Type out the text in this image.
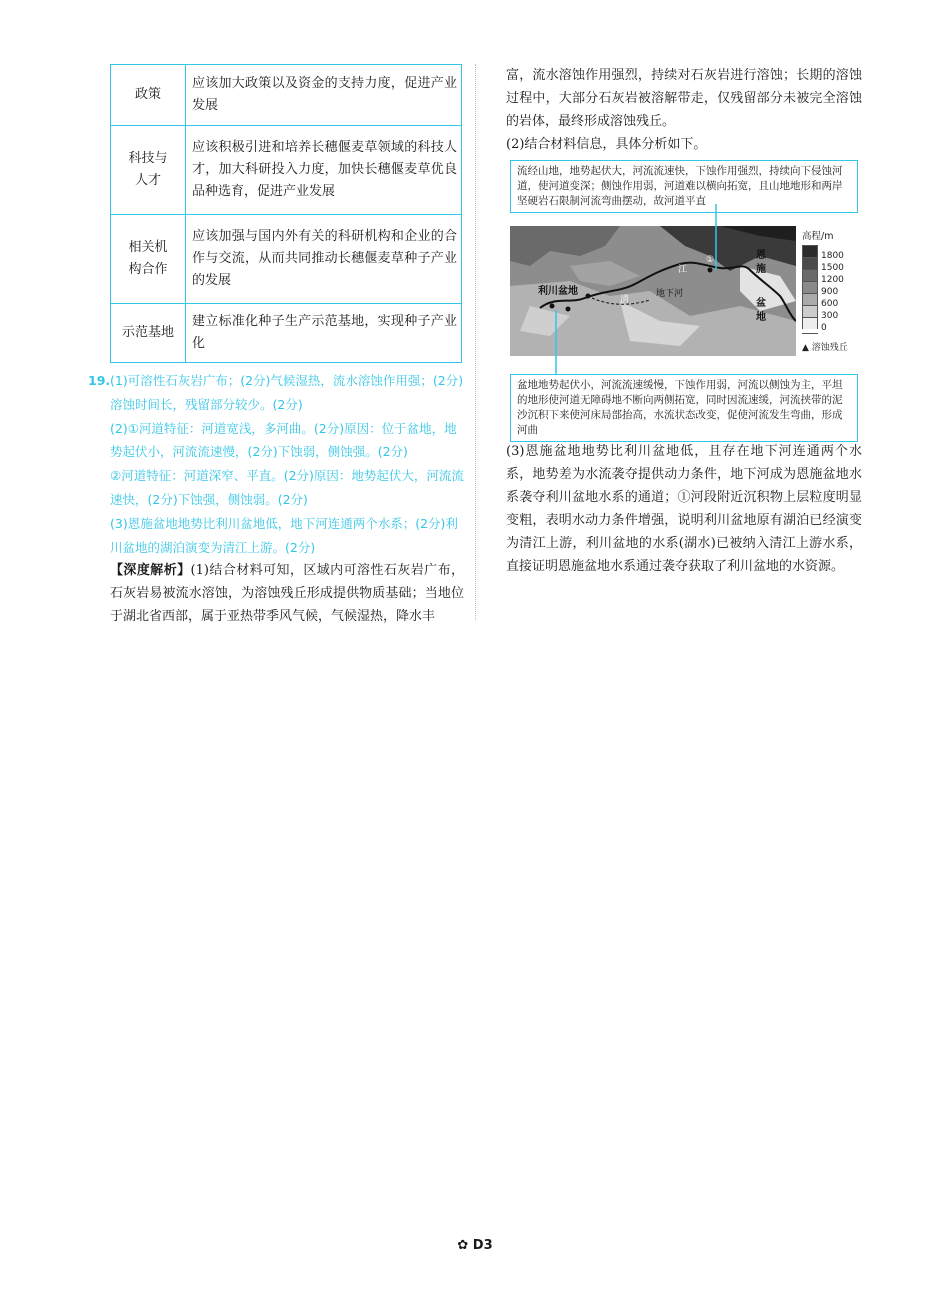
政策	应该加大政策以及资金的支持力度，促进产业发展
科技与人才	应该积极引进和培养长穗偃麦草领域的科技人才，加大科研投入力度，加快长穗偃麦草优良品种选育，促进产业发展
相关机构合作	应该加强与国内外有关的科研机构和企业的合作与交流，从而共同推动长穗偃麦草种子产业的发展
示范基地	建立标准化种子生产示范基地，实现种子产业化

19.(1)可溶性石灰岩广布；(2分)气候湿热，流水溶蚀作用强；(2分)溶蚀时间长，残留部分较少。(2分)

(2)①河道特征：河道宽浅，多河曲。(2分)原因：位于盆地，地势起伏小，河流流速慢，(2分)下蚀弱，侧蚀强。(2分)

②河道特征：河道深窄、平直。(2分)原因：地势起伏大，河流流速快，(2分)下蚀强，侧蚀弱。(2分)

(3)恩施盆地地势比利川盆地低，地下河连通两个水系；(2分)利川盆地的湖泊演变为清江上游。(2分)

【深度解析】(1)结合材料可知，区域内可溶性石灰岩广布，石灰岩易被流水溶蚀，为溶蚀残丘形成提供物质基础；当地位于湖北省西部，属于亚热带季风气候，气候湿热，降水丰

富，流水溶蚀作用强烈，持续对石灰岩进行溶蚀；长期的溶蚀过程中，大部分石灰岩被溶解带走，仅残留部分未被完全溶蚀的岩体，最终形成溶蚀残丘。

(2)结合材料信息，具体分析如下。

流经山地，地势起伏大，河流流速快，下蚀作用强烈，持续向下侵蚀河道，使河道变深；侧蚀作用弱，河道难以横向拓宽，且山地地形和两岸坚硬岩石限制河流弯曲摆动，故河道平直
利川盆地
清
江
地下河
①	恩
施
盆
地
高程/m
1800
1500
1200
900
600
300
0
▲ 溶蚀残丘
盆地地势起伏小，河流流速缓慢，下蚀作用弱，河流以侧蚀为主，平坦的地形使河道无障碍地不断向两侧拓宽，同时因流速缓，河流挟带的泥沙沉积下来使河床局部抬高，水流状态改变，促使河流发生弯曲，形成河曲

(3)恩施盆地地势比利川盆地低，且存在地下河连通两个水系，地势差为水流袭夺提供动力条件，地下河成为恩施盆地水系袭夺利川盆地水系的通道；①河段附近沉积物上层粒度明显变粗，表明水动力条件增强，说明利川盆地原有湖泊已经演变为清江上游，利川盆地的水系(湖水)已被纳入清江上游水系，直接证明恩施盆地水系通过袭夺获取了利川盆地的水资源。

✿ D3
